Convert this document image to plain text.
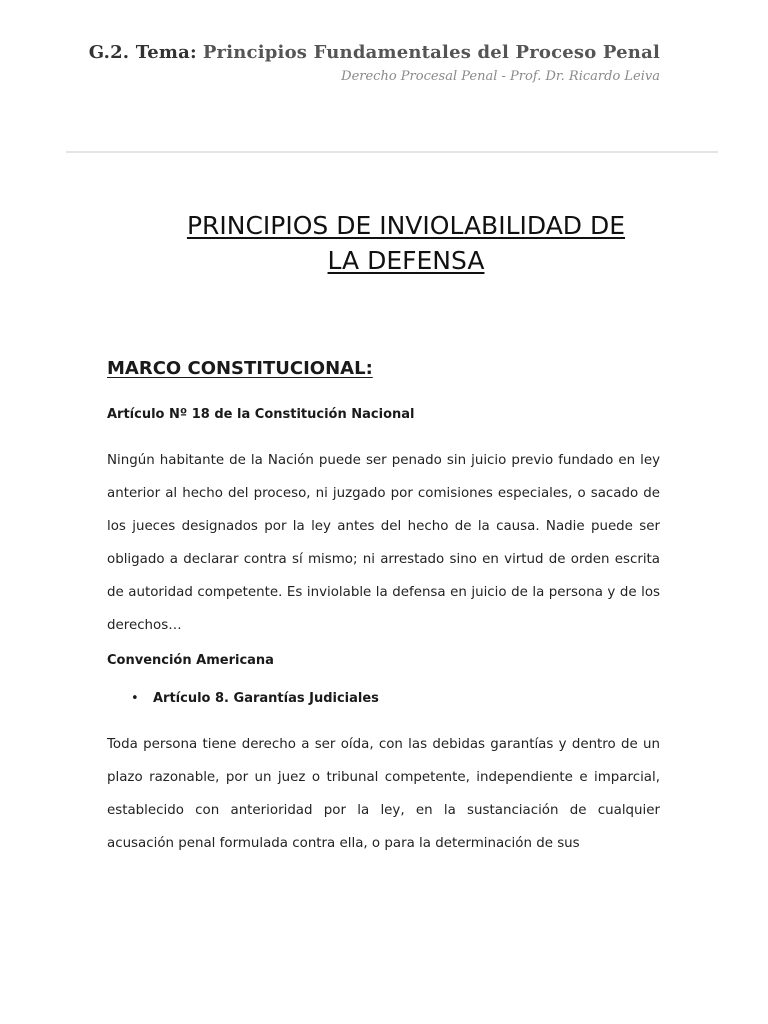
G.2. Tema: Principios Fundamentales del Proceso Penal
Derecho Procesal Penal - Prof. Dr. Ricardo Leiva
PRINCIPIOS DE INVIOLABILIDAD DE
LA DEFENSA
MARCO CONSTITUCIONAL:
Artículo Nº 18 de la Constitución Nacional

Ningún habitante de la Nación puede ser penado sin juicio previo fundado en ley anterior al hecho del proceso, ni juzgado por comisiones especiales, o sacado de los jueces designados por la ley antes del hecho de la causa. Nadie puede ser obligado a declarar contra sí mismo; ni arrestado sino en virtud de orden escrita de autoridad competente. Es inviolable la defensa en juicio de la persona y de los derechos…

Convención Americana
•	Artículo 8. Garantías Judiciales

Toda persona tiene derecho a ser oída, con las debidas garantías y dentro de un plazo razonable, por un juez o tribunal competente, independiente e imparcial, establecido con anterioridad por la ley, en la sustanciación de cualquier acusación penal formulada contra ella, o para la determinación de sus
